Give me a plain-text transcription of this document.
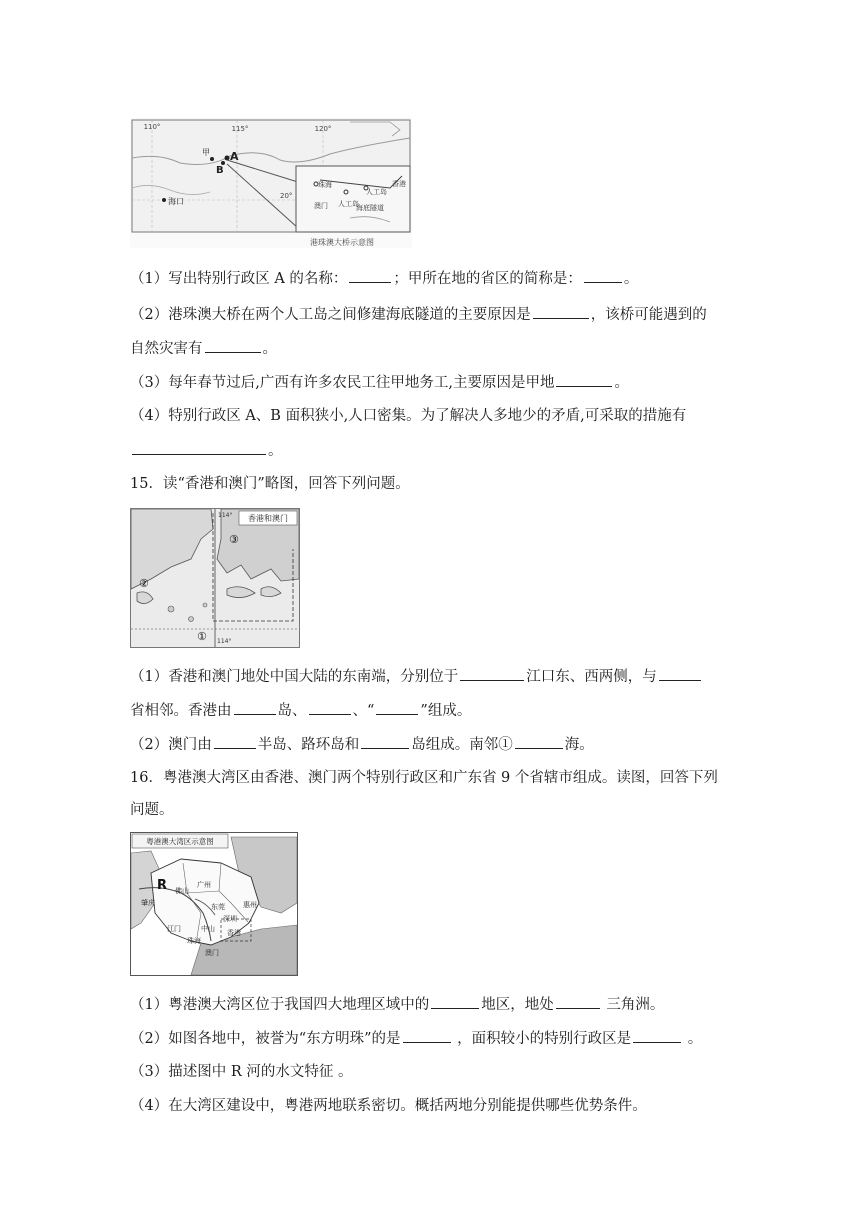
110°	115°	120°
20°
甲 A
B
海口
珠海	香港
人工岛
澳门 人工岛
海底隧道
港珠澳大桥示意图
（1）写出特别行政区 A 的名称：	；甲所在地的省区的简称是：	。
（2）港珠澳大桥在两个人工岛之间修建海底隧道的主要原因是	，该桥可能遇到的
自然灾害有	。
（3）每年春节过后,广西有许多农民工往甲地务工,主要原因是甲地	。
（4）特别行政区 A、B 面积狭小,人口密集。为了解决人多地少的矛盾,可采取的措施有
。
15．读“香港和澳门”略图，回答下列问题。
香港和澳门
114°
114°
①
②
③
（1）香港和澳门地处中国大陆的东南端，分别位于	江口东、西两侧，与
省相邻。香港由	岛、	、“	”组成。
（2）澳门由	半岛、路环岛和	岛组成。南邻①	海。
16．粤港澳大湾区由香港、澳门两个特别行政区和广东省 9 个省辖市组成。读图，回答下列
问题。
粤港澳大湾区示意图
R 佛山
广州
肇庆	东莞	惠州
深圳
江门	中山
珠海
香港
澳门
（1）粤港澳大湾区位于我国四大地理区域中的	地区，地处	三角洲。
（2）如图各地中，被誉为“东方明珠”的是	，面积较小的特别行政区是	。
（3）描述图中 R 河的水文特征 。
（4）在大湾区建设中，粤港两地联系密切。概括两地分别能提供哪些优势条件。
